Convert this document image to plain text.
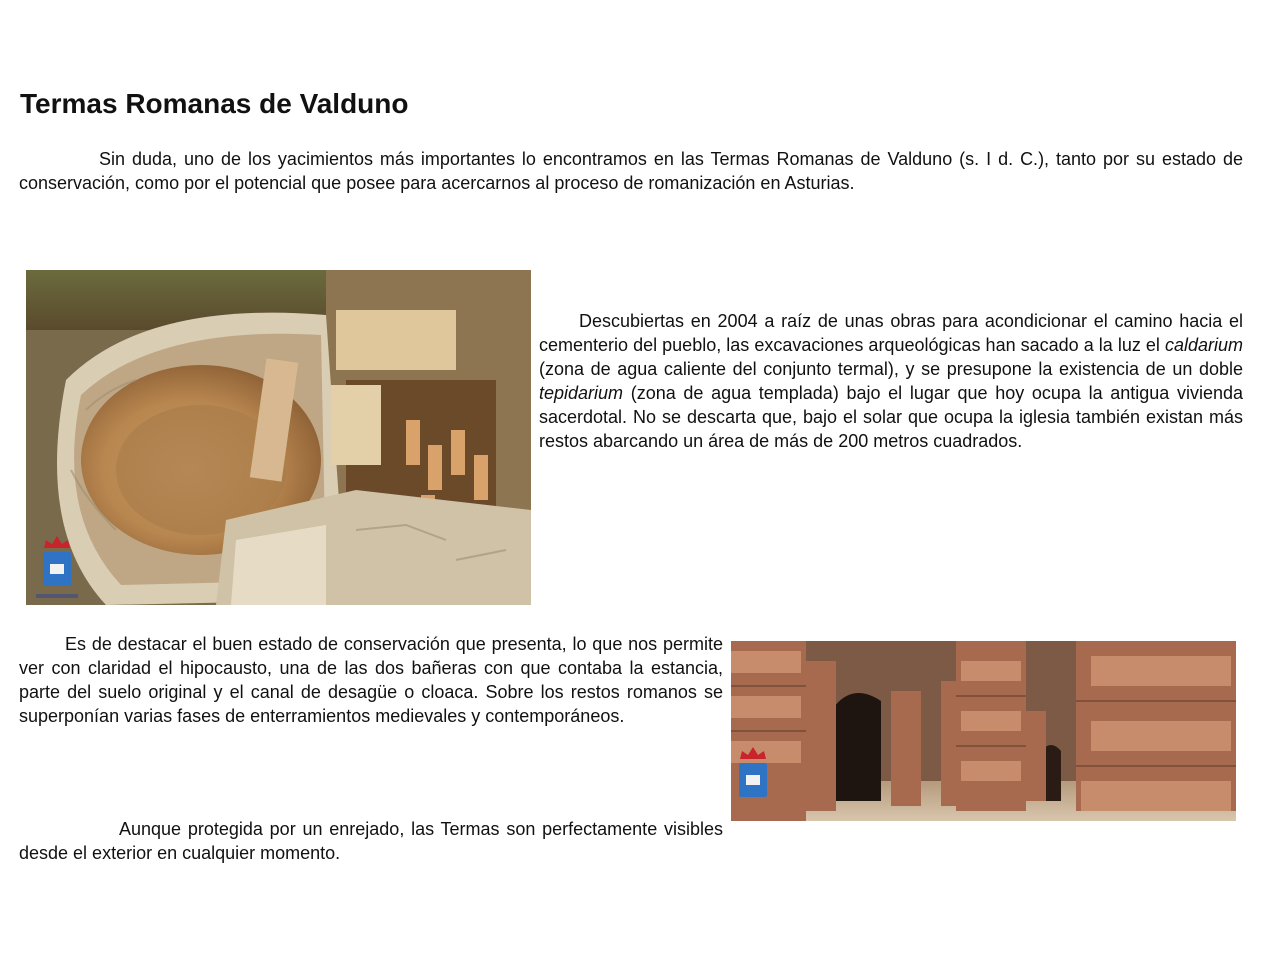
Termas Romanas de Valduno

Sin duda, uno de los yacimientos más importantes lo encontramos en las Termas Romanas de Valduno (s. I d. C.), tanto por su estado de conservación, como por el potencial que posee para acercarnos al proceso de romanización en Asturias.

Descubiertas en 2004 a raíz de unas obras para acondicionar el camino hacia el cementerio del pueblo, las excavaciones arqueológicas han sacado a la luz el caldarium (zona de agua caliente del conjunto termal), y se presupone la existencia de un doble tepidarium (zona de agua templada) bajo el lugar que hoy ocupa la antigua vivienda sacerdotal. No se descarta que, bajo el solar que ocupa la iglesia también existan más restos abarcando un área de más de 200 metros cuadrados.

Es de destacar el buen estado de conservación que presenta, lo que nos permite ver con claridad el hipocausto, una de las dos bañeras con que contaba la estancia, parte del suelo original y el canal de desagüe o cloaca. Sobre los restos romanos se superponían varias fases de enterramientos medievales y contemporáneos.

Aunque protegida por un enrejado, las Termas son perfectamente visibles desde el exterior en cualquier momento.
